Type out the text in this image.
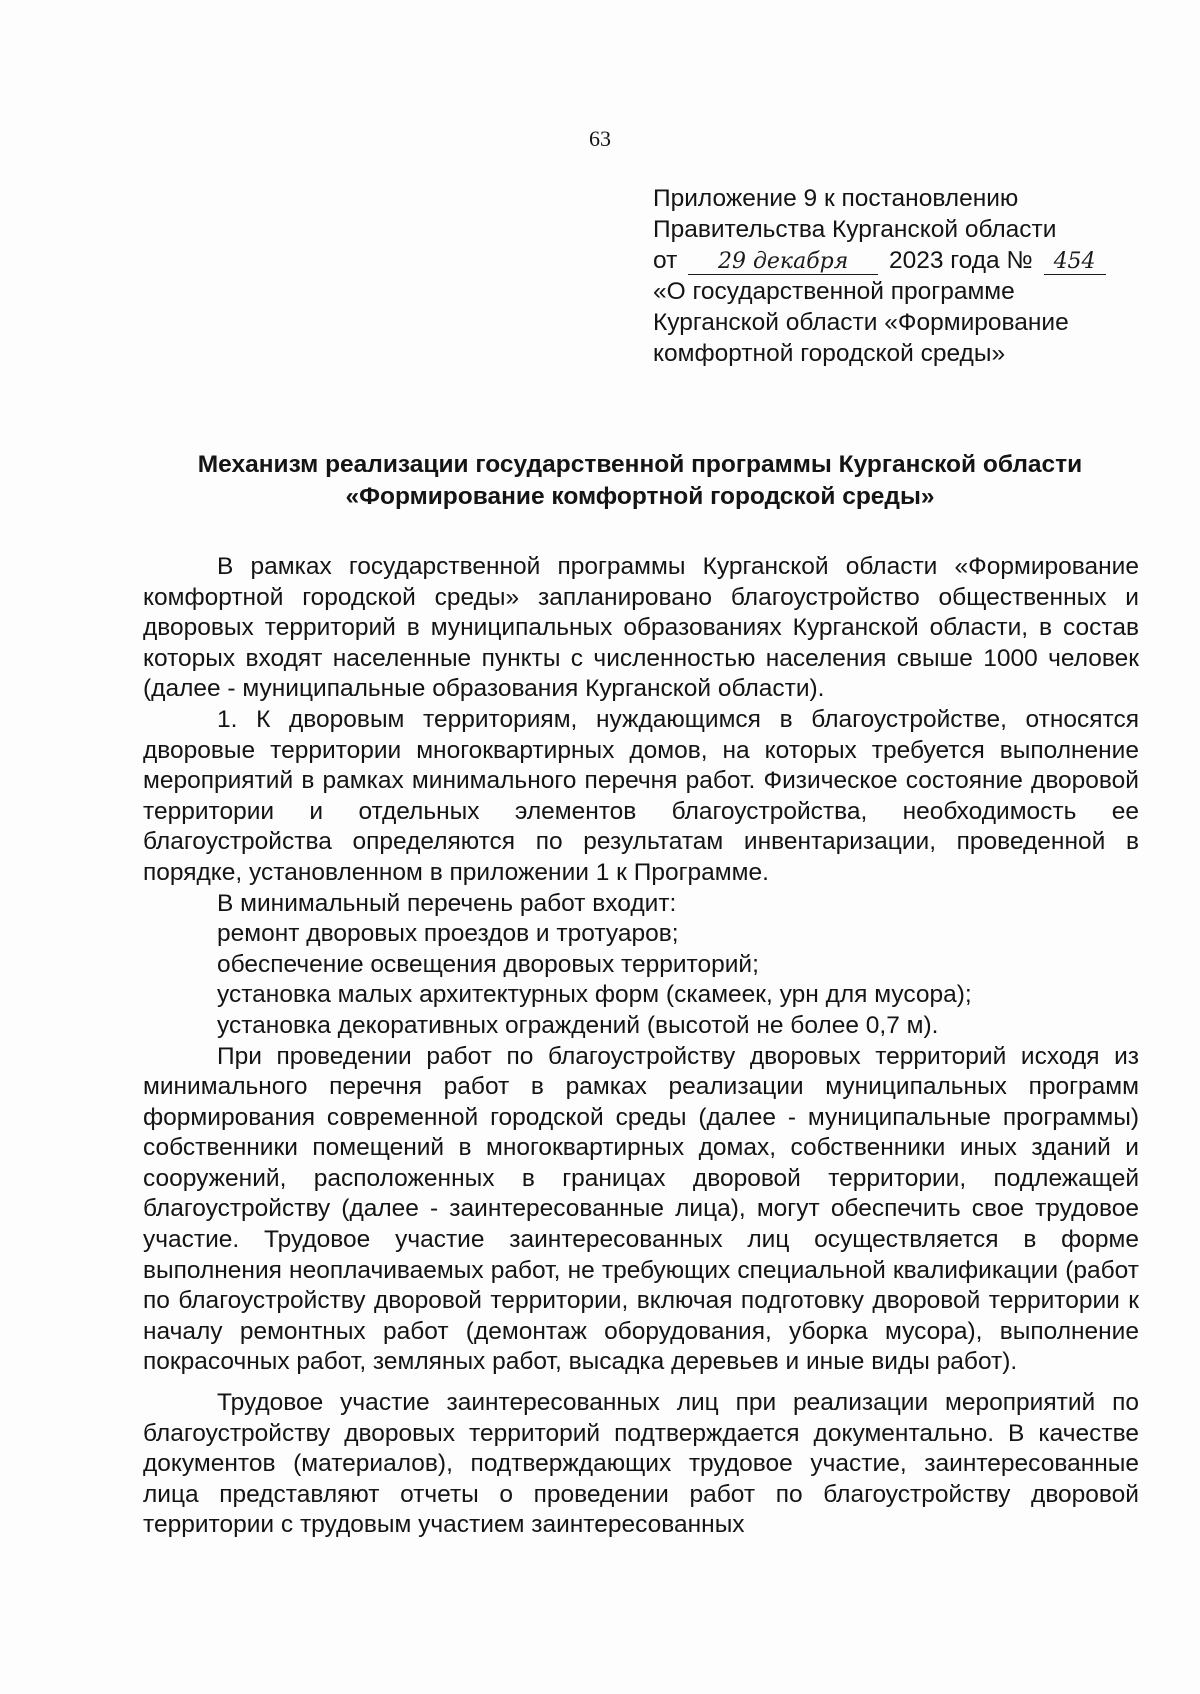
63
Приложение 9 к постановлению
Правительства Курганской области
от 29 декабря 2023 года № 454
«О государственной программе
Курганской области «Формирование
комфортной городской среды»
Механизм реализации государственной программы Курганской области
«Формирование комфортной городской среды»

В рамках государственной программы Курганской области «Формирование комфортной городской среды» запланировано благоустройство общественных и дворовых территорий в муниципальных образованиях Курганской области, в состав которых входят населенные пункты с численностью населения свыше 1000 человек (далее - муниципальные образования Курганской области).

1. К дворовым территориям, нуждающимся в благоустройстве, относятся дворовые территории многоквартирных домов, на которых требуется выполнение мероприятий в рамках минимального перечня работ. Физическое состояние дворовой территории и отдельных элементов благоустройства, необходимость ее благоустройства определяются по результатам инвентаризации, проведенной в порядке, установленном в приложении 1 к Программе.

В минимальный перечень работ входит:

ремонт дворовых проездов и тротуаров;

обеспечение освещения дворовых территорий;

установка малых архитектурных форм (скамеек, урн для мусора);

установка декоративных ограждений (высотой не более 0,7 м).

При проведении работ по благоустройству дворовых территорий исходя из минимального перечня работ в рамках реализации муниципальных программ формирования современной городской среды (далее - муниципальные программы) собственники помещений в многоквартирных домах, собственники иных зданий и сооружений, расположенных в границах дворовой территории, подлежащей благоустройству (далее - заинтересованные лица), могут обеспечить свое трудовое участие. Трудовое участие заинтересованных лиц осуществляется в форме выполнения неоплачиваемых работ, не требующих специальной квалификации (работ по благоустройству дворовой территории, включая подготовку дворовой территории к началу ремонтных работ (демонтаж оборудования, уборка мусора), выполнение покрасочных работ, земляных работ, высадка деревьев и иные виды работ).

Трудовое участие заинтересованных лиц при реализации мероприятий по благоустройству дворовых территорий подтверждается документально. В качестве документов (материалов), подтверждающих трудовое участие, заинтересованные лица представляют отчеты о проведении работ по благоустройству дворовой территории с трудовым участием заинтересованных
